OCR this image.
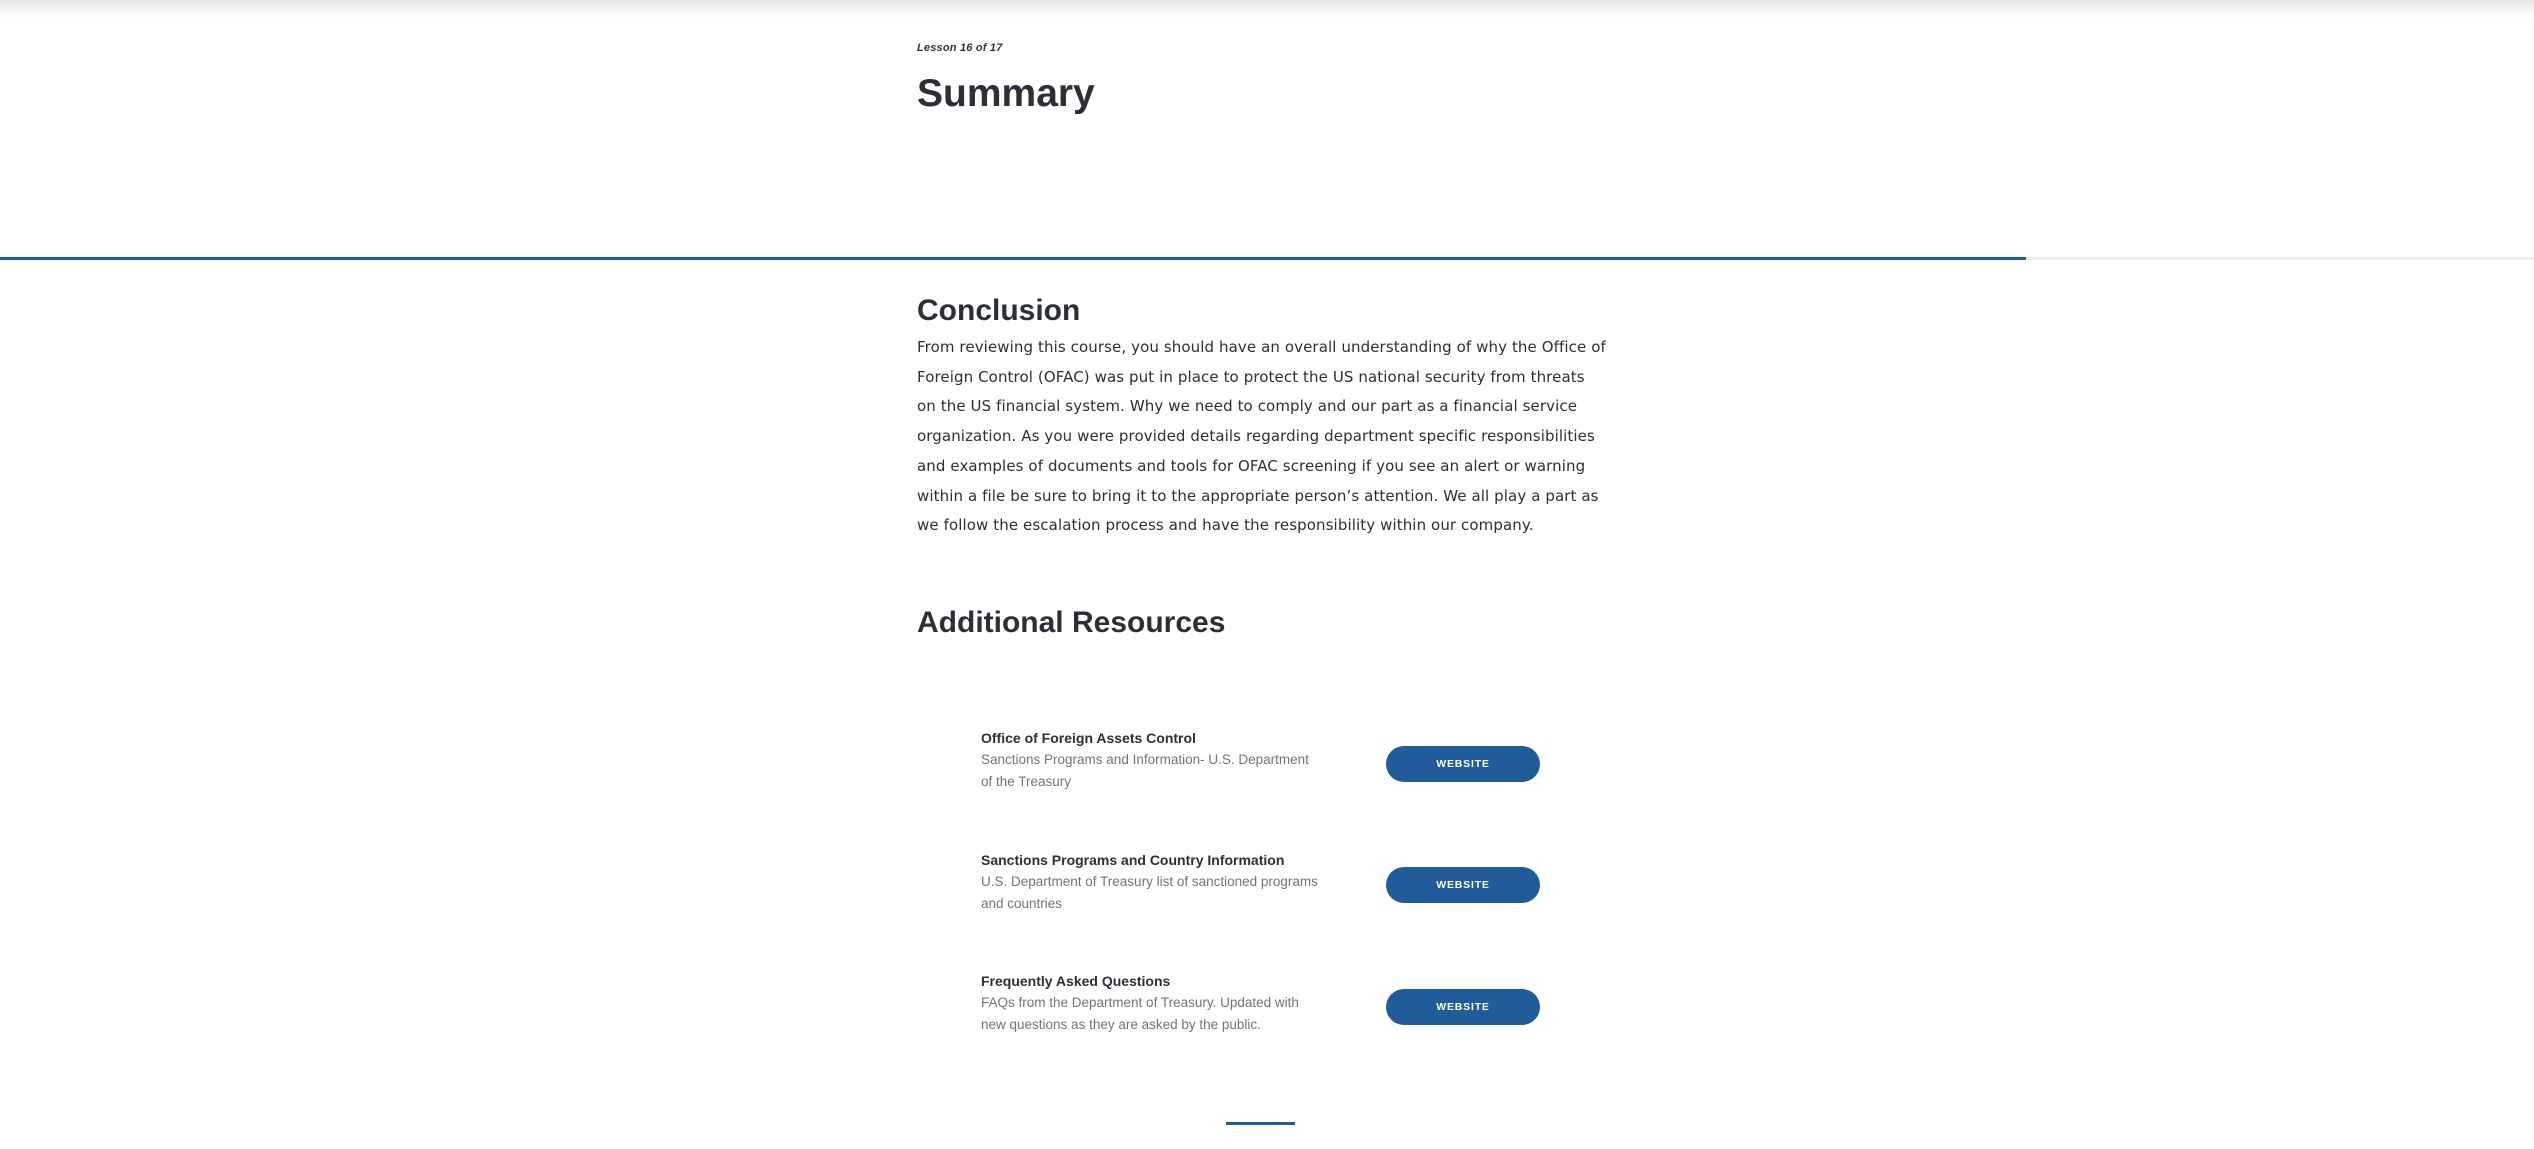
Lesson 16 of 17

Summary
Conclusion

From reviewing this course, you should have an overall understanding of why the Office of Foreign Control (OFAC) was put in place to protect the US national security from threats on the US financial system. Why we need to comply and our part as a financial service organization. As you were provided details regarding department specific responsibilities and examples of documents and tools for OFAC screening if you see an alert or warning within a file be sure to bring it to the appropriate person’s attention. We all play a part as we follow the escalation process and have the responsibility within our company.

Additional Resources

Office of Foreign Assets Control

Sanctions Programs and Information- U.S. Department of the Treasury

WEBSITE

Sanctions Programs and Country Information

U.S. Department of Treasury list of sanctioned programs and countries

WEBSITE

Frequently Asked Questions

FAQs from the Department of Treasury. Updated with new questions as they are asked by the public.

WEBSITE
